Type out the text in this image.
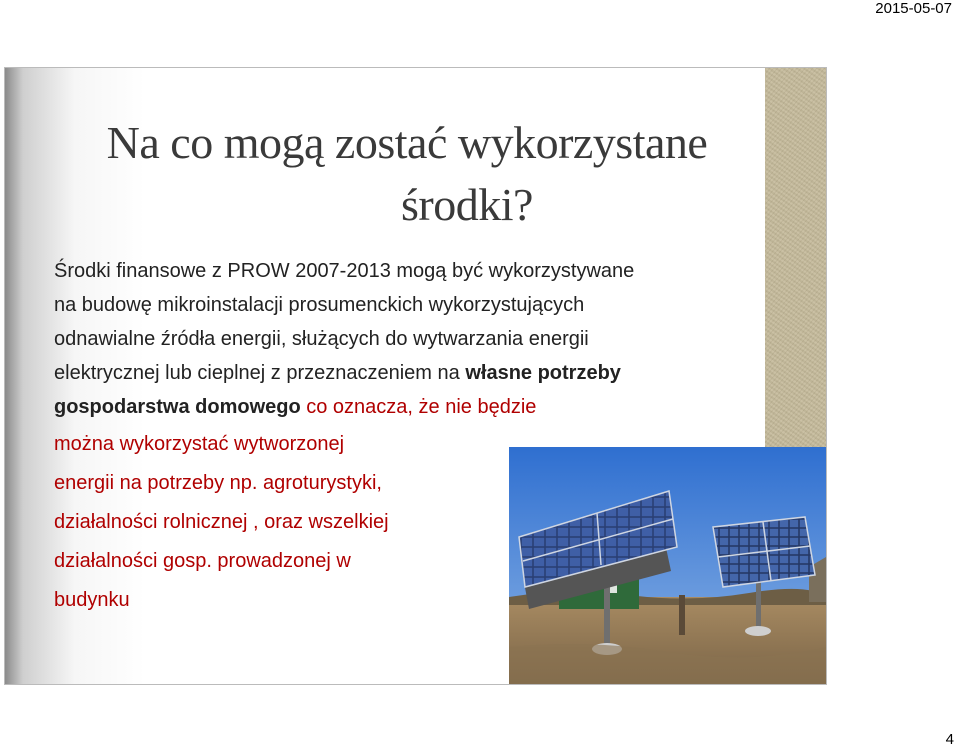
2015-05-07
Na co mogą zostać wykorzystane
środki?
Środki finansowe z PROW 2007-2013 mogą być wykorzystywane
na budowę mikroinstalacji prosumenckich wykorzystujących
odnawialne źródła energii, służących do wytwarzania energii
elektrycznej lub cieplnej z przeznaczeniem na własne potrzeby
gospodarstwa domowego co oznacza, że nie będzie
można wykorzystać wytworzonej
energii na potrzeby np. agroturystyki,
działalności rolnicznej , oraz wszelkiej
działalności gosp. prowadzonej w
budynku
4
